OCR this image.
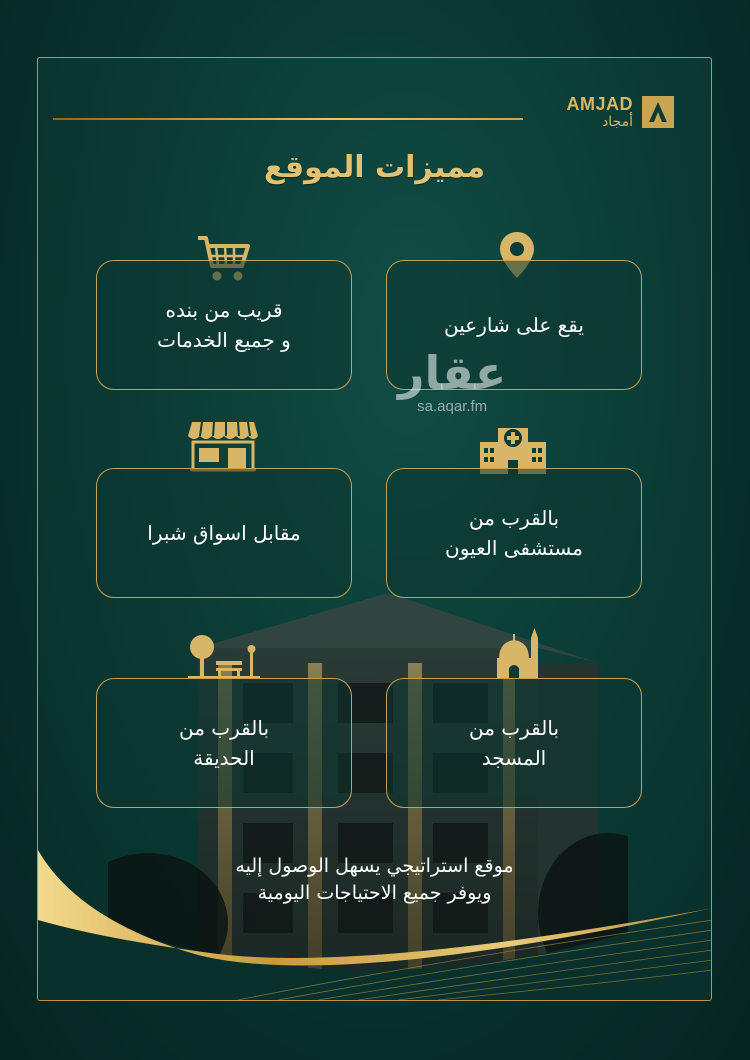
AMJAD
أمجاد
مميزات الموقع
يقع على شارعين
قريب من بنده
و جميع الخدمات
بالقرب من
مستشفى العيون
مقابل اسواق شبرا
بالقرب من
المسجد
بالقرب من
الحديقة
عقار
sa.aqar.fm
موقع استراتيجي يسهل الوصول إليه
ويوفر جميع الاحتياجات اليومية
